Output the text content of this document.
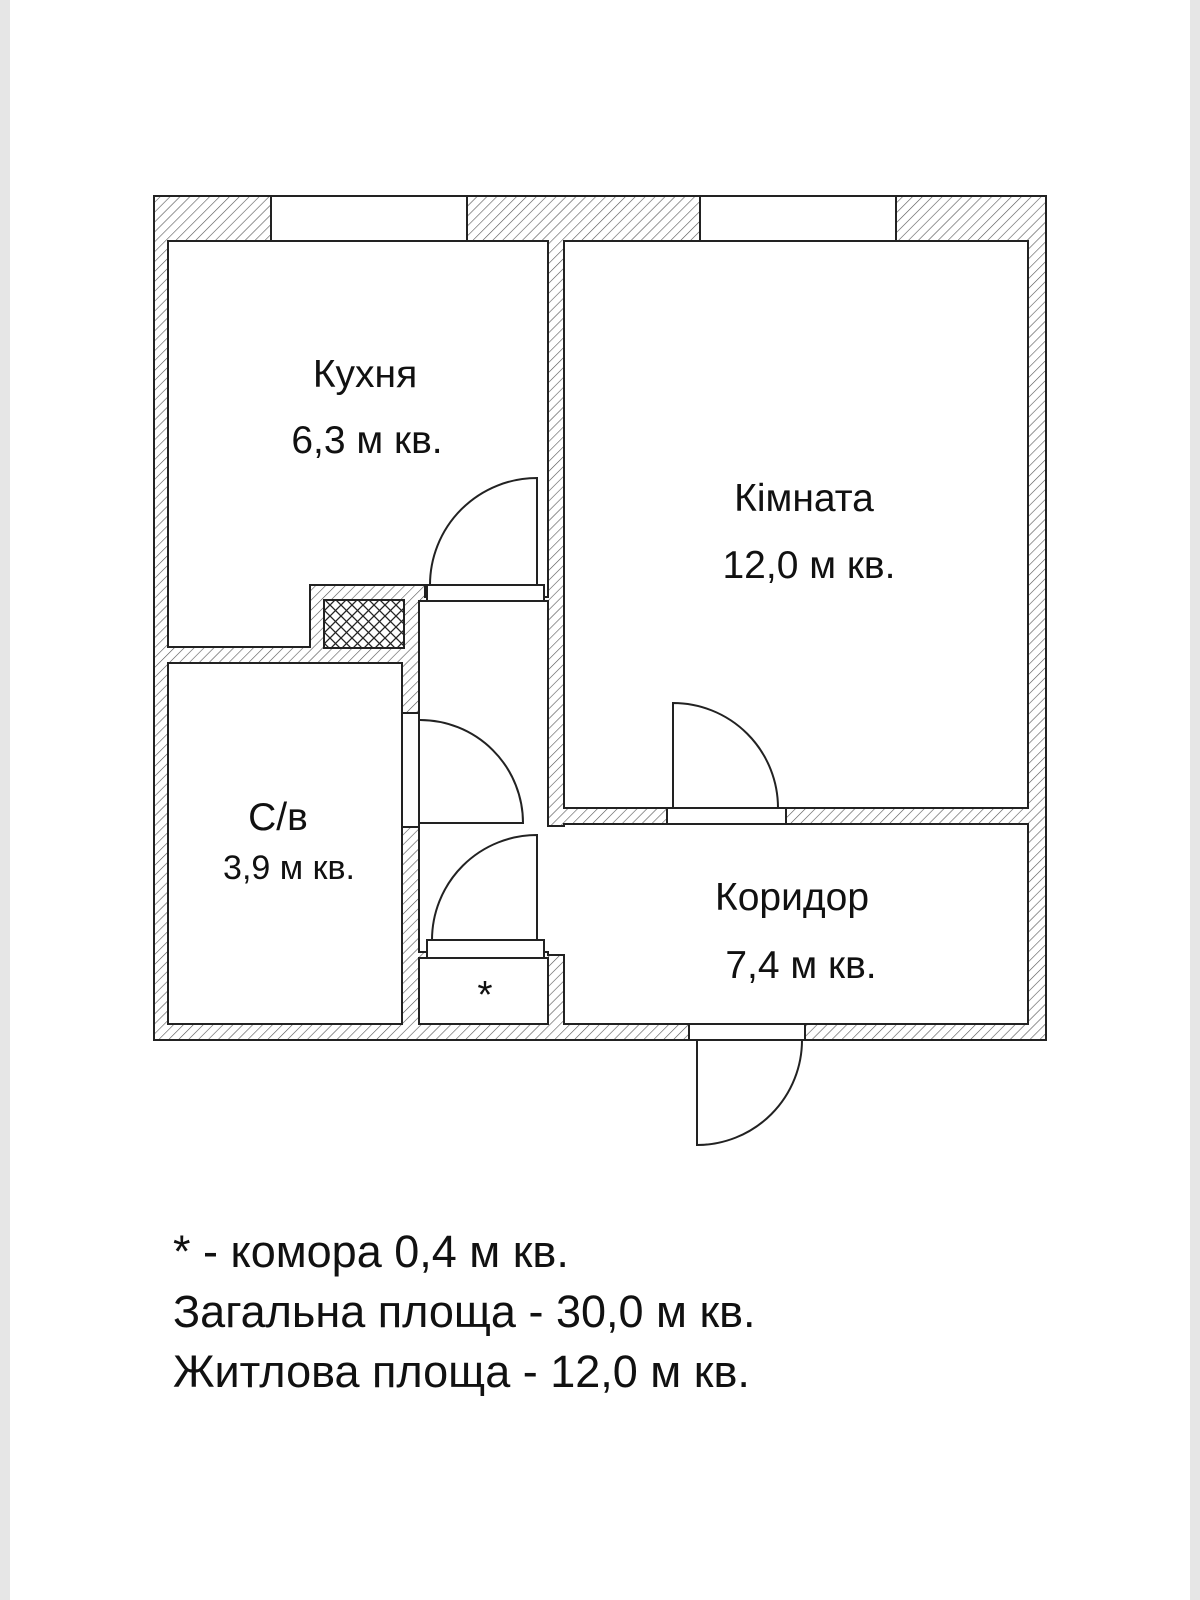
Кухня
6,3 м кв.
Кімната
12,0 м кв.
С/в
3,9 м кв.
Коридор
7,4 м кв.
*
* - комора 0,4 м кв.
Загальна площа - 30,0 м кв.
Житлова площа - 12,0 м кв.
